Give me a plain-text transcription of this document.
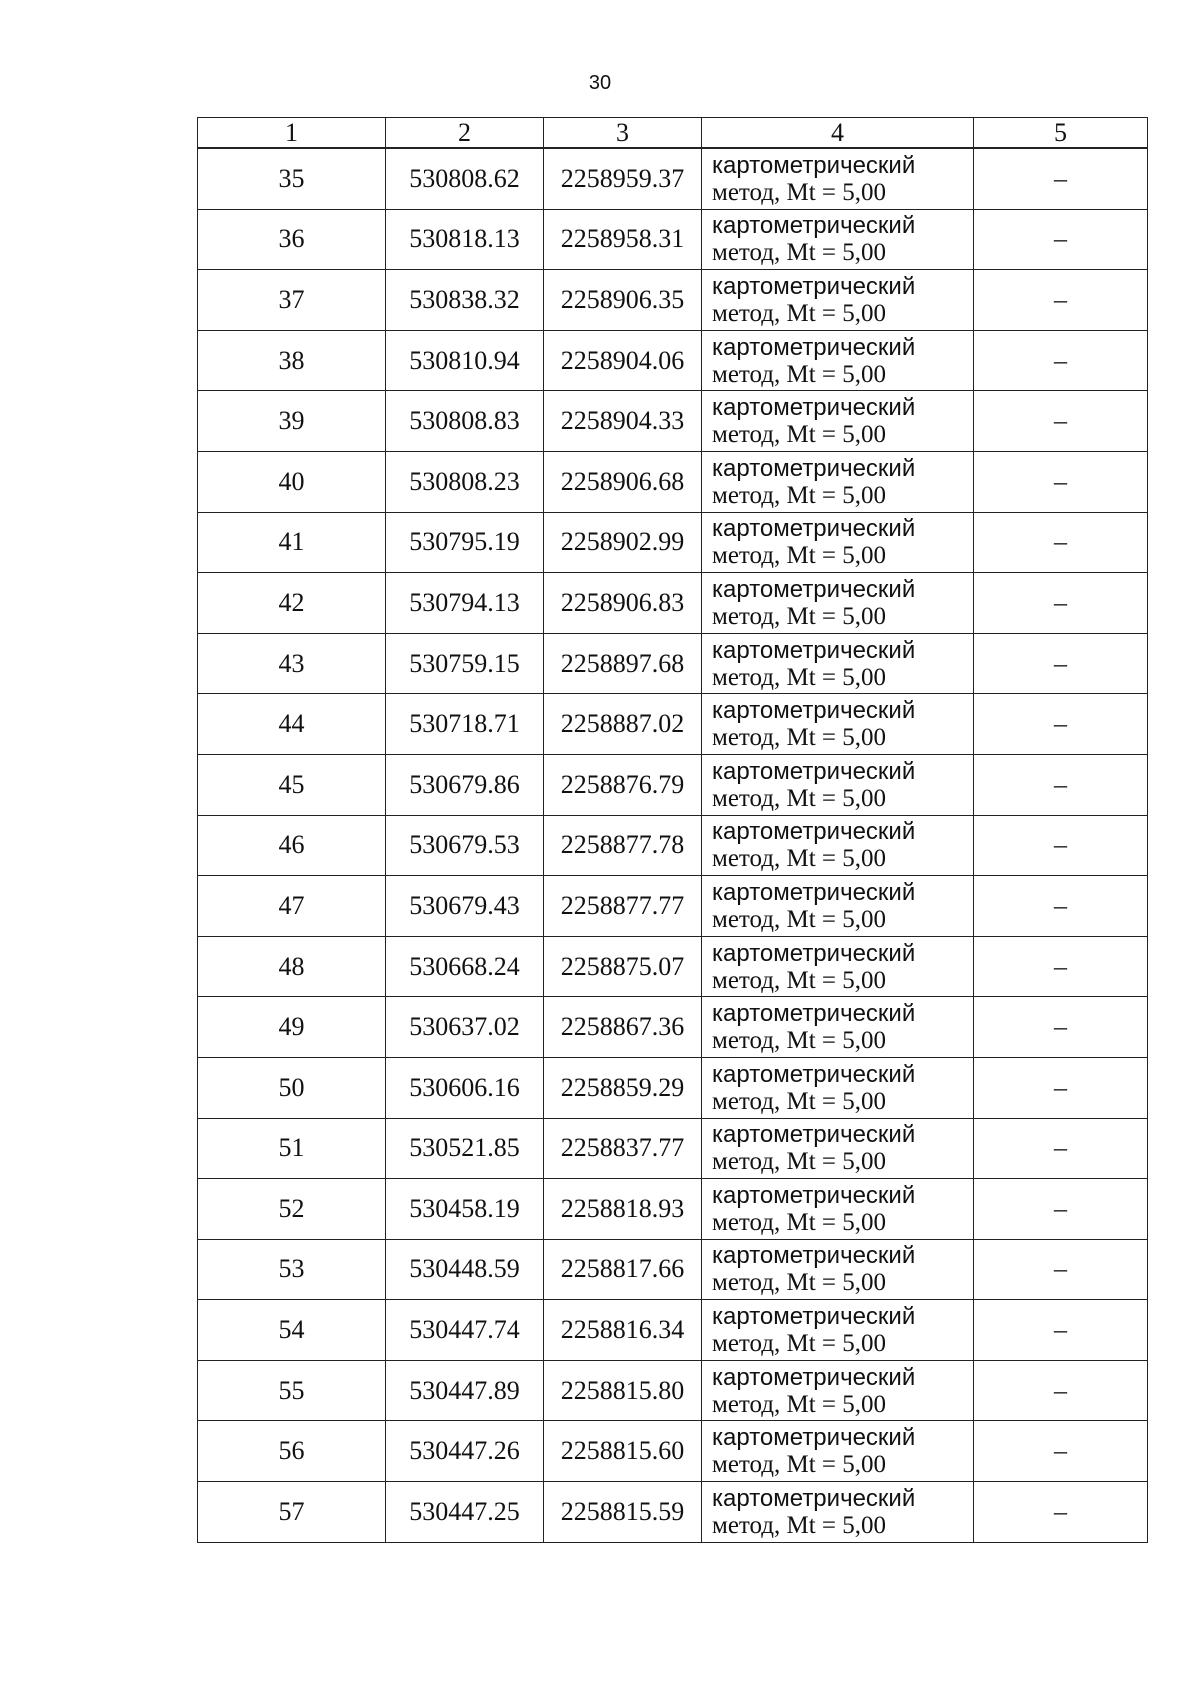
30
1	2	3	4	5
35	530808.62	2258959.37	картометрический
метод, Mt = 5,00	–
36	530818.13	2258958.31	картометрический
метод, Mt = 5,00	–
37	530838.32	2258906.35	картометрический
метод, Mt = 5,00	–
38	530810.94	2258904.06	картометрический
метод, Mt = 5,00	–
39	530808.83	2258904.33	картометрический
метод, Mt = 5,00	–
40	530808.23	2258906.68	картометрический
метод, Mt = 5,00	–
41	530795.19	2258902.99	картометрический
метод, Mt = 5,00	–
42	530794.13	2258906.83	картометрический
метод, Mt = 5,00	–
43	530759.15	2258897.68	картометрический
метод, Mt = 5,00	–
44	530718.71	2258887.02	картометрический
метод, Mt = 5,00	–
45	530679.86	2258876.79	картометрический
метод, Mt = 5,00	–
46	530679.53	2258877.78	картометрический
метод, Mt = 5,00	–
47	530679.43	2258877.77	картометрический
метод, Mt = 5,00	–
48	530668.24	2258875.07	картометрический
метод, Mt = 5,00	–
49	530637.02	2258867.36	картометрический
метод, Mt = 5,00	–
50	530606.16	2258859.29	картометрический
метод, Mt = 5,00	–
51	530521.85	2258837.77	картометрический
метод, Mt = 5,00	–
52	530458.19	2258818.93	картометрический
метод, Mt = 5,00	–
53	530448.59	2258817.66	картометрический
метод, Mt = 5,00	–
54	530447.74	2258816.34	картометрический
метод, Mt = 5,00	–
55	530447.89	2258815.80	картометрический
метод, Mt = 5,00	–
56	530447.26	2258815.60	картометрический
метод, Mt = 5,00	–
57	530447.25	2258815.59	картометрический
метод, Mt = 5,00	–
